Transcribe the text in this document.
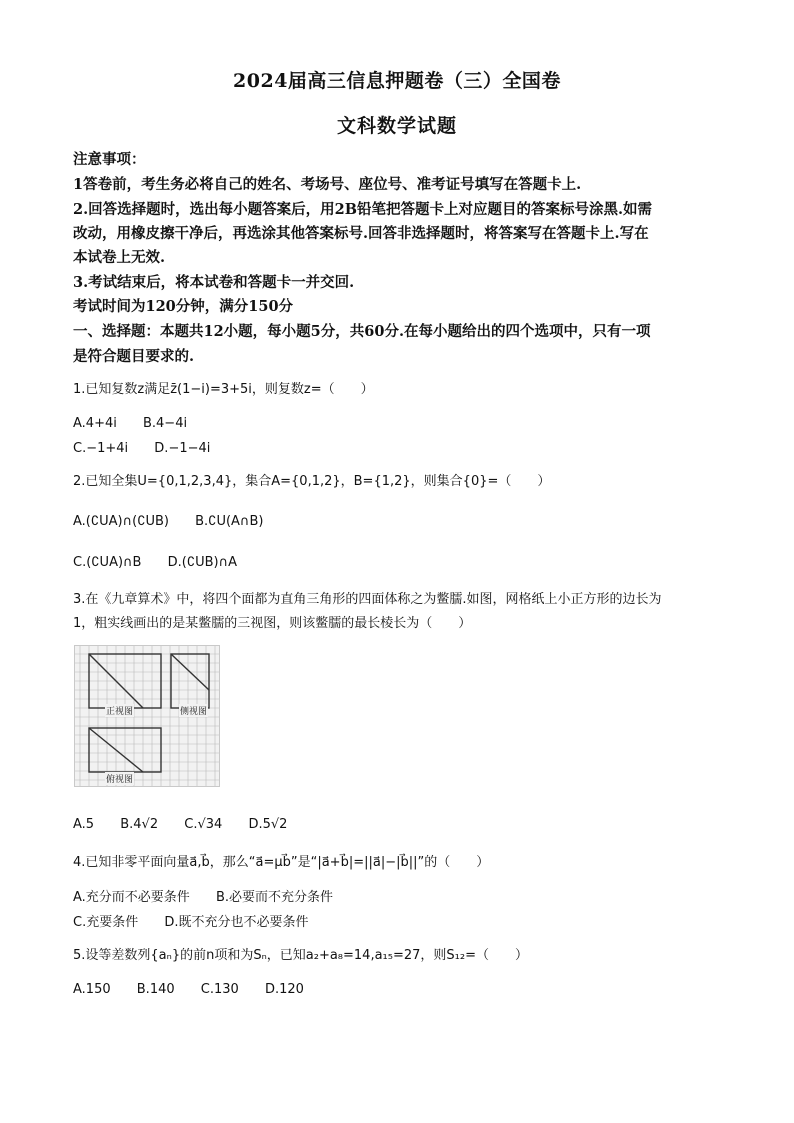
2024届高三信息押题卷（三）全国卷
文科数学试题
注意事项：
1答卷前，考生务必将自己的姓名、考场号、座位号、准考证号填写在答题卡上.
2.回答选择题时，选出每小题答案后，用2B铅笔把答题卡上对应题目的答案标号涂黑.如需
改动，用橡皮擦干净后，再选涂其他答案标号.回答非选择题时，将答案写在答题卡上.写在
本试卷上无效.
3.考试结束后，将本试卷和答题卡一并交回.
考试时间为120分钟，满分150分
一、选择题：本题共12小题，每小题5分，共60分.在每小题给出的四个选项中，只有一项
是符合题目要求的.
1.已知复数z满足z̄(1−i)=3+5i，则复数z=（　　）
A.4+4i B.4−4i
C.−1+4i D.−1−4i
2.已知全集U={0,1,2,3,4}，集合A={0,1,2}，B={1,2}，则集合{0}=（　　）
A.(∁UA)∩(∁UB) B.∁U(A∩B)
C.(∁UA)∩B D.(∁UB)∩A
3.在《九章算术》中，将四个面都为直角三角形的四面体称之为鳖臑.如图，网格纸上小正方形的边长为
1，粗实线画出的是某鳖臑的三视图，则该鳖臑的最长棱长为（　　）
正视图	侧视图
俯视图
A.5 B.4√2 C.√34 D.5√2
4.已知非零平面向量a⃗,b⃗，那么“a⃗=μb⃗”是“|a⃗+b⃗|=||a⃗|−|b⃗||”的（　　）
A.充分而不必要条件 B.必要而不充分条件
C.充要条件 D.既不充分也不必要条件
5.设等差数列{aₙ}的前n项和为Sₙ，已知a₂+a₈=14,a₁₅=27，则S₁₂=（　　）
A.150 B.140 C.130 D.120
